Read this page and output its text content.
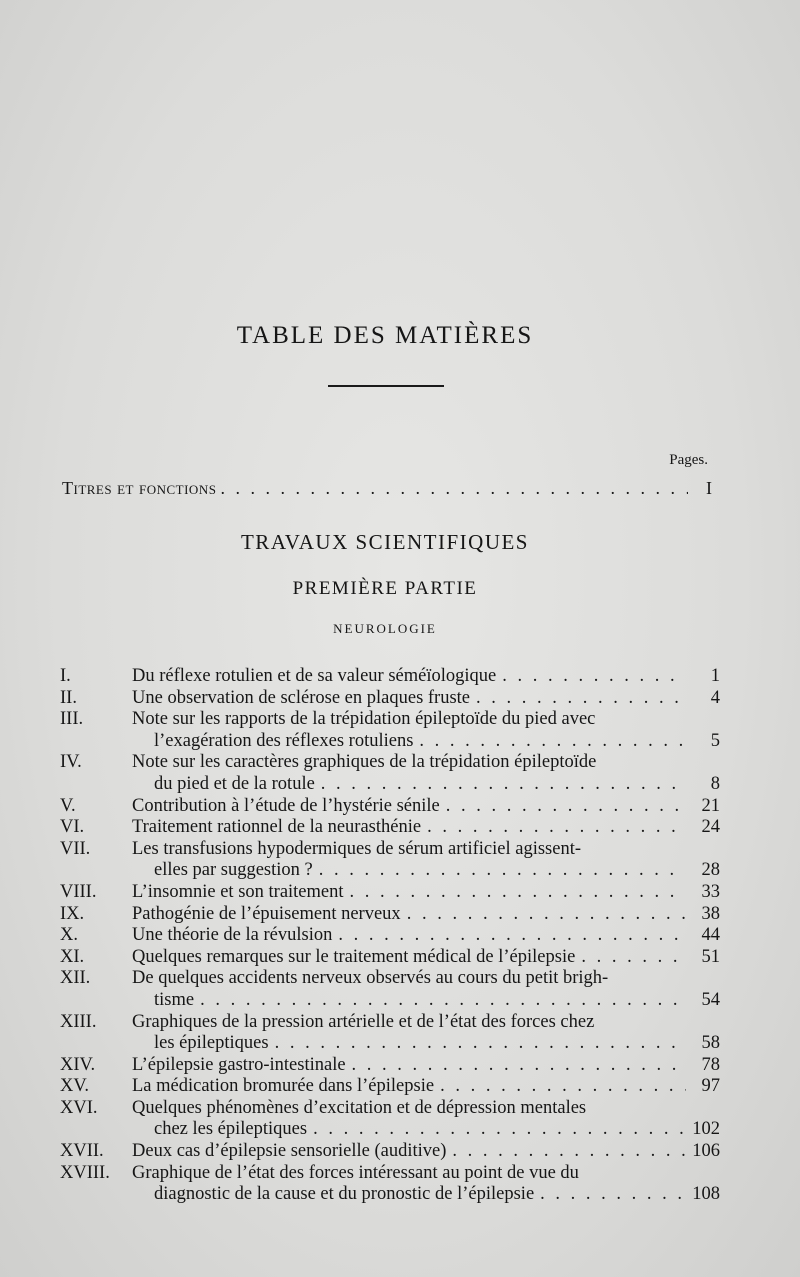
TABLE DES MATIÈRES
Pages.
Titres et fonctions . . .	I
TRAVAUX SCIENTIFIQUES
PREMIÈRE PARTIE
NEUROLOGIE
I.	Du réflexe rotulien et de sa valeur séméïologique . . .	1
II.	Une observation de sclérose en plaques fruste . . .	4
III.	Note sur les rapports de la trépidation épileptoïde du pied avec
l’exagération des réflexes rotuliens . . .	5
IV.	Note sur les caractères graphiques de la trépidation épileptoïde
du pied et de la rotule . . .	8
V.	Contribution à l’étude de l’hystérie sénile . . .	21
VI.	Traitement rationnel de la neurasthénie . . .	24
VII. Les transfusions hypodermiques de sérum artificiel agissent-
elles par suggestion ? . . .	28
VIII. L’insomnie et son traitement . . .	33
IX.	Pathogénie de l’épuisement nerveux . . .	38
X.	Une théorie de la révulsion . . .	44
XI.	Quelques remarques sur le traitement médical de l’épilepsie . . .	51
XII. De quelques accidents nerveux observés au cours du petit brigh-
tisme . . .	54
XIII. Graphiques de la pression artérielle et de l’état des forces chez
les épileptiques . . .	58
XIV. L’épilepsie gastro-intestinale . . .	78
XV. La médication bromurée dans l’épilepsie . . .	97
XVI. Quelques phénomènes d’excitation et de dépression mentales
chez les épileptiques . . .	102
XVII. Deux cas d’épilepsie sensorielle (auditive) . . .	106
XVIII. Graphique de l’état des forces intéressant au point de vue du
diagnostic de la cause et du pronostic de l’épilepsie . . .	108
